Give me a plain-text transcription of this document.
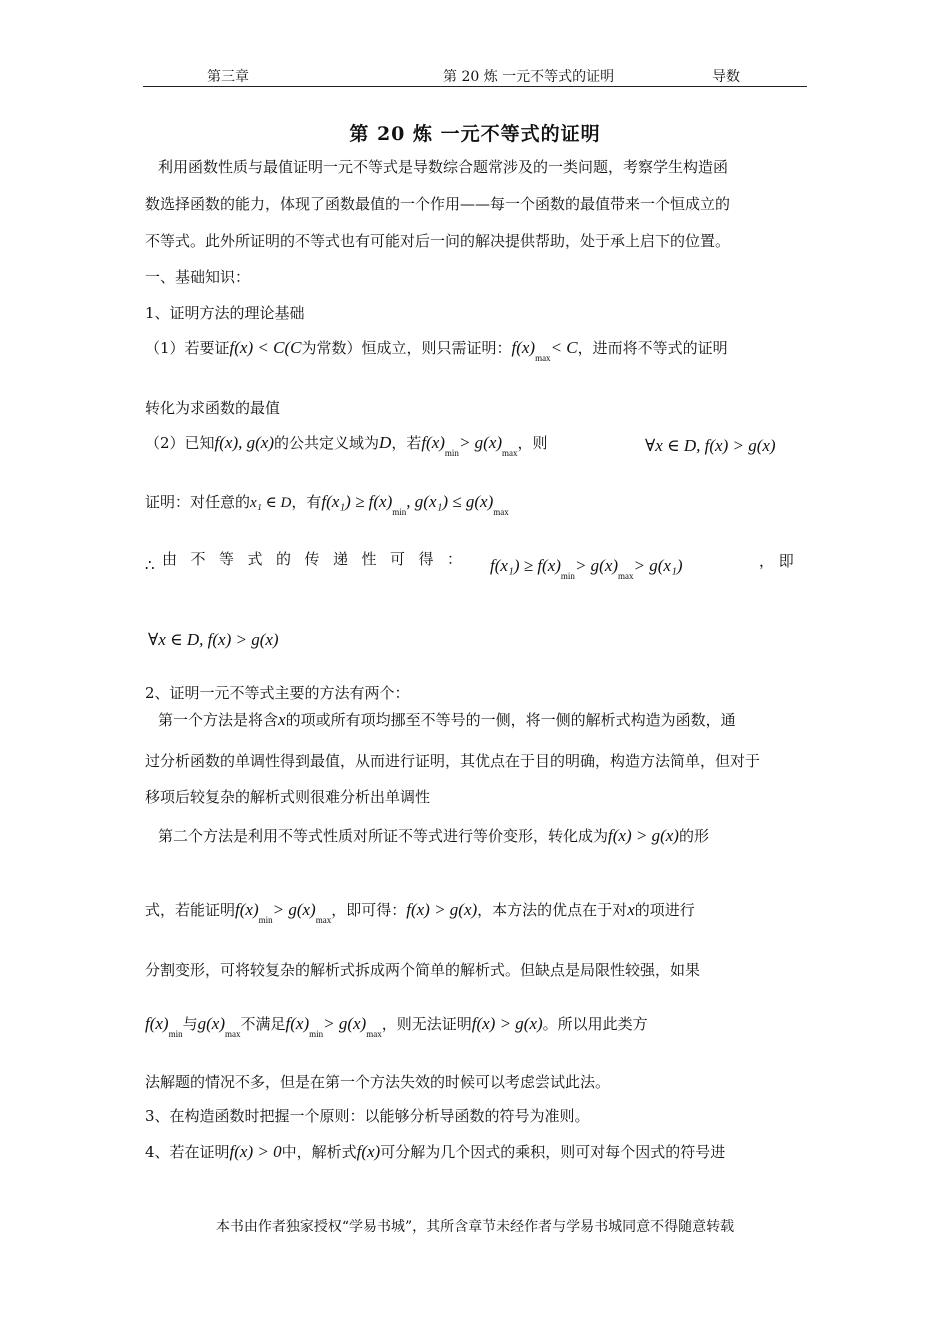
第三章	第 20 炼 一元不等式的证明	导数
第 20 炼 一元不等式的证明
利用函数性质与最值证明一元不等式是导数综合题常涉及的一类问题，考察学生构造函
数选择函数的能力，体现了函数最值的一个作用——每一个函数的最值带来一个恒成立的
不等式。此外所证明的不等式也有可能对后一问的解决提供帮助，处于承上启下的位置。
一、基础知识：
1、证明方法的理论基础
（1）若要证f(x) < C(C为常数）恒成立，则只需证明：$f(x)_{max}< C$，进而将不等式的证明
转化为求函数的最值
（2）已知f(x), g(x)的公共定义域为D，若$f(x)_{min}> g(x)_{max}$，则	∀x ∈ D, f(x) > g(x)
证明：对任意的x₁ ∈ D，有$f(x_1) \ge f(x)_{min}$, $g(x_1) \le g(x)_{max}$
∴ 由不等式的传递性可得： $f(x_1) \ge f(x)_{min}> g(x)_{max}> g(x_1)$	， 即
∀x ∈ D, f(x) > g(x)
2、证明一元不等式主要的方法有两个：
第一个方法是将含x的项或所有项均挪至不等号的一侧，将一侧的解析式构造为函数，通
过分析函数的单调性得到最值，从而进行证明，其优点在于目的明确，构造方法简单，但对于
移项后较复杂的解析式则很难分析出单调性
第二个方法是利用不等式性质对所证不等式进行等价变形，转化成为f(x) > g(x)的形
式，若能证明$f(x)_{min}> g(x)_{max}$，即可得：f(x) > g(x)，本方法的优点在于对x的项进行
分割变形，可将较复杂的解析式拆成两个简单的解析式。但缺点是局限性较强，如果
$f(x)_{min}$与$g(x)_{max}$不满足$f(x)_{min}> g(x)_{max}$，则无法证明f(x) > g(x)。所以用此类方
法解题的情况不多，但是在第一个方法失效的时候可以考虑尝试此法。
3、在构造函数时把握一个原则：以能够分析导函数的符号为准则。
4、若在证明f(x) > 0中，解析式f(x)可分解为几个因式的乘积，则可对每个因式的符号进
本书由作者独家授权“学易书城”，其所含章节未经作者与学易书城同意不得随意转载
